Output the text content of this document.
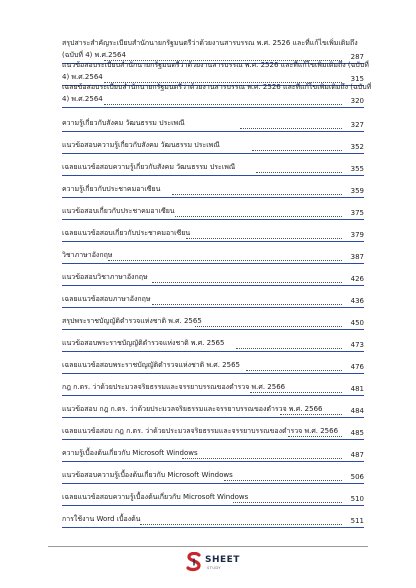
สรุปสาระสำคัญระเบียบสำนักนายกรัฐมนตรีว่าด้วยงานสารบรรณ พ.ศ. 2526 และที่แก้ไขเพิ่มเติมถึง
(ฉบับที่ 4) พ.ศ.2564	287
แนวข้อสอบระเบียบสำนักนายกรัฐมนตรีว่าด้วยงานสารบรรณ พ.ศ. 2526 และที่แก้ไขเพิ่มเติมถึง (ฉบับที่
4) พ.ศ.2564	315
เฉลยข้อสอบระเบียบสำนักนายกรัฐมนตรีว่าด้วยงานสารบรรณ พ.ศ. 2526 และที่แก้ไขเพิ่มเติมถึง (ฉบับที่
4) พ.ศ.2564	320
ความรู้เกี่ยวกับสังคม วัฒนธรรม ประเพณี	327
แนวข้อสอบความรู้เกี่ยวกับสังคม วัฒนธรรม ประเพณี	352
เฉลยแนวข้อสอบความรู้เกี่ยวกับสังคม วัฒนธรรม ประเพณี	355
ความรู้เกี่ยวกับประชาคมอาเซียน	359
แนวข้อสอบเกี่ยวกับประชาคมอาเซียน	375
เฉลยแนวข้อสอบเกี่ยวกับประชาคมอาเซียน	379
วิชาภาษาอังกฤษ	387
แนวข้อสอบวิชาภาษาอังกฤษ	426
เฉลยแนวข้อสอบภาษาอังกฤษ	436
สรุปพระราชบัญญัติตำรวจแห่งชาติ พ.ศ. 2565	450
แนวข้อสอบพระราชบัญญัติตำรวจแห่งชาติ พ.ศ. 2565	473
เฉลยแนวข้อสอบพระราชบัญญัติตำรวจแห่งชาติ พ.ศ. 2565	476
กฎ ก.ตร. ว่าด้วยประมวลจริยธรรมและจรรยาบรรณของตำรวจ พ.ศ. 2566	481
แนวข้อสอบ กฎ ก.ตร. ว่าด้วยประมวลจริยธรรมและจรรยาบรรณของตำรวจ พ.ศ. 2566	484
เฉลยแนวข้อสอบ กฎ ก.ตร. ว่าด้วยประมวลจริยธรรมและจรรยาบรรณของตำรวจ พ.ศ. 2566 485
ความรู้เบื้องต้นเกี่ยวกับ Microsoft Windows	487
แนวข้อสอบความรู้เบื้องต้นเกี่ยวกับ Microsoft Windows	506
เฉลยแนวข้อสอบความรู้เบื้องต้นเกี่ยวกับ Microsoft Windows	510
การใช้งาน Word เบื้องต้น	511
SHEET
STUDY
